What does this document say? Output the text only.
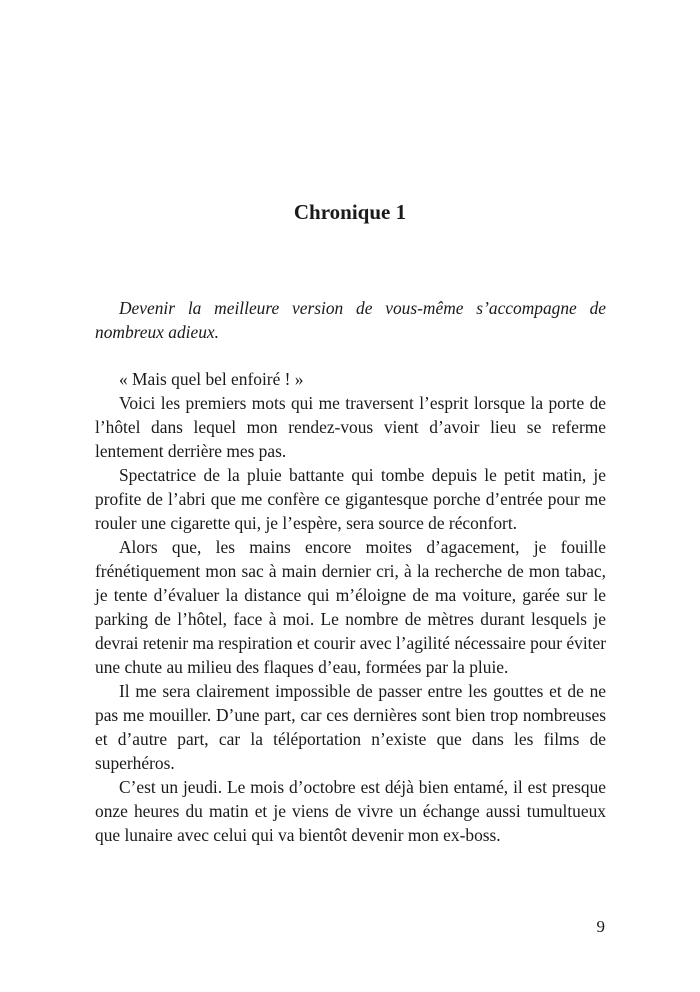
Chronique 1

Devenir la meilleure version de vous-même s’accompagne de nombreux adieux.

« Mais quel bel enfoiré ! »

Voici les premiers mots qui me traversent l’esprit lorsque la porte de l’hôtel dans lequel mon rendez-vous vient d’avoir lieu se referme lentement derrière mes pas.

Spectatrice de la pluie battante qui tombe depuis le petit matin, je profite de l’abri que me confère ce gigantesque porche d’entrée pour me rouler une cigarette qui, je l’espère, sera source de réconfort.

Alors que, les mains encore moites d’agacement, je fouille frénétiquement mon sac à main dernier cri, à la recherche de mon tabac, je tente d’évaluer la distance qui m’éloigne de ma voiture, garée sur le parking de l’hôtel, face à moi. Le nombre de mètres durant lesquels je devrai retenir ma respiration et courir avec l’agilité nécessaire pour éviter une chute au milieu des flaques d’eau, formées par la pluie.

Il me sera clairement impossible de passer entre les gouttes et de ne pas me mouiller. D’une part, car ces dernières sont bien trop nombreuses et d’autre part, car la téléportation n’existe que dans les films de superhéros.

C’est un jeudi. Le mois d’octobre est déjà bien entamé, il est presque onze heures du matin et je viens de vivre un échange aussi tumultueux que lunaire avec celui qui va bientôt devenir mon ex-boss.

9
